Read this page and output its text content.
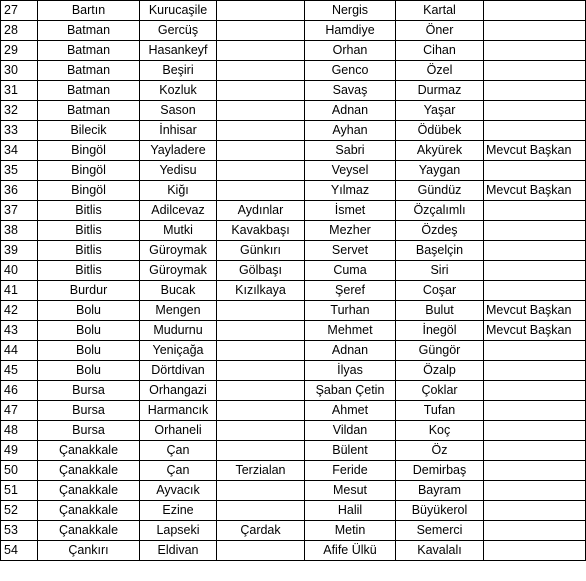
27	Bartın	Kurucaşile		Nergis	Kartal	
28	Batman	Gercüş		Hamdiye	Öner	
29	Batman	Hasankeyf		Orhan	Cihan	
30	Batman	Beşiri		Genco	Özel	
31	Batman	Kozluk		Savaş	Durmaz	
32	Batman	Sason		Adnan	Yaşar	
33	Bilecik	İnhisar		Ayhan	Ödübek	
34	Bingöl	Yayladere		Sabri	Akyürek	Mevcut Başkan
35	Bingöl	Yedisu		Veysel	Yaygan	
36	Bingöl	Kiğı		Yılmaz	Gündüz	Mevcut Başkan
37	Bitlis	Adilcevaz	Aydınlar	İsmet	Özçalımlı	
38	Bitlis	Mutki	Kavakbaşı	Mezher	Özdeş	
39	Bitlis	Güroymak	Günkırı	Servet	Başelçin	
40	Bitlis	Güroymak	Gölbaşı	Cuma	Siri	
41	Burdur	Bucak	Kızılkaya	Şeref	Coşar	
42	Bolu	Mengen		Turhan	Bulut	Mevcut Başkan
43	Bolu	Mudurnu		Mehmet	İnegöl	Mevcut Başkan
44	Bolu	Yeniçağa		Adnan	Güngör	
45	Bolu	Dörtdivan		İlyas	Özalp	
46	Bursa	Orhangazi		Şaban Çetin	Çoklar	
47	Bursa	Harmancık		Ahmet	Tufan	
48	Bursa	Orhaneli		Vildan	Koç	
49	Çanakkale	Çan		Bülent	Öz	
50	Çanakkale	Çan	Terzialan	Feride	Demirbaş	
51	Çanakkale	Ayvacık		Mesut	Bayram	
52	Çanakkale	Ezine		Halil	Büyükerol	
53	Çanakkale	Lapseki	Çardak	Metin	Semerci	
54	Çankırı	Eldivan		Afife Ülkü	Kavalalı	
